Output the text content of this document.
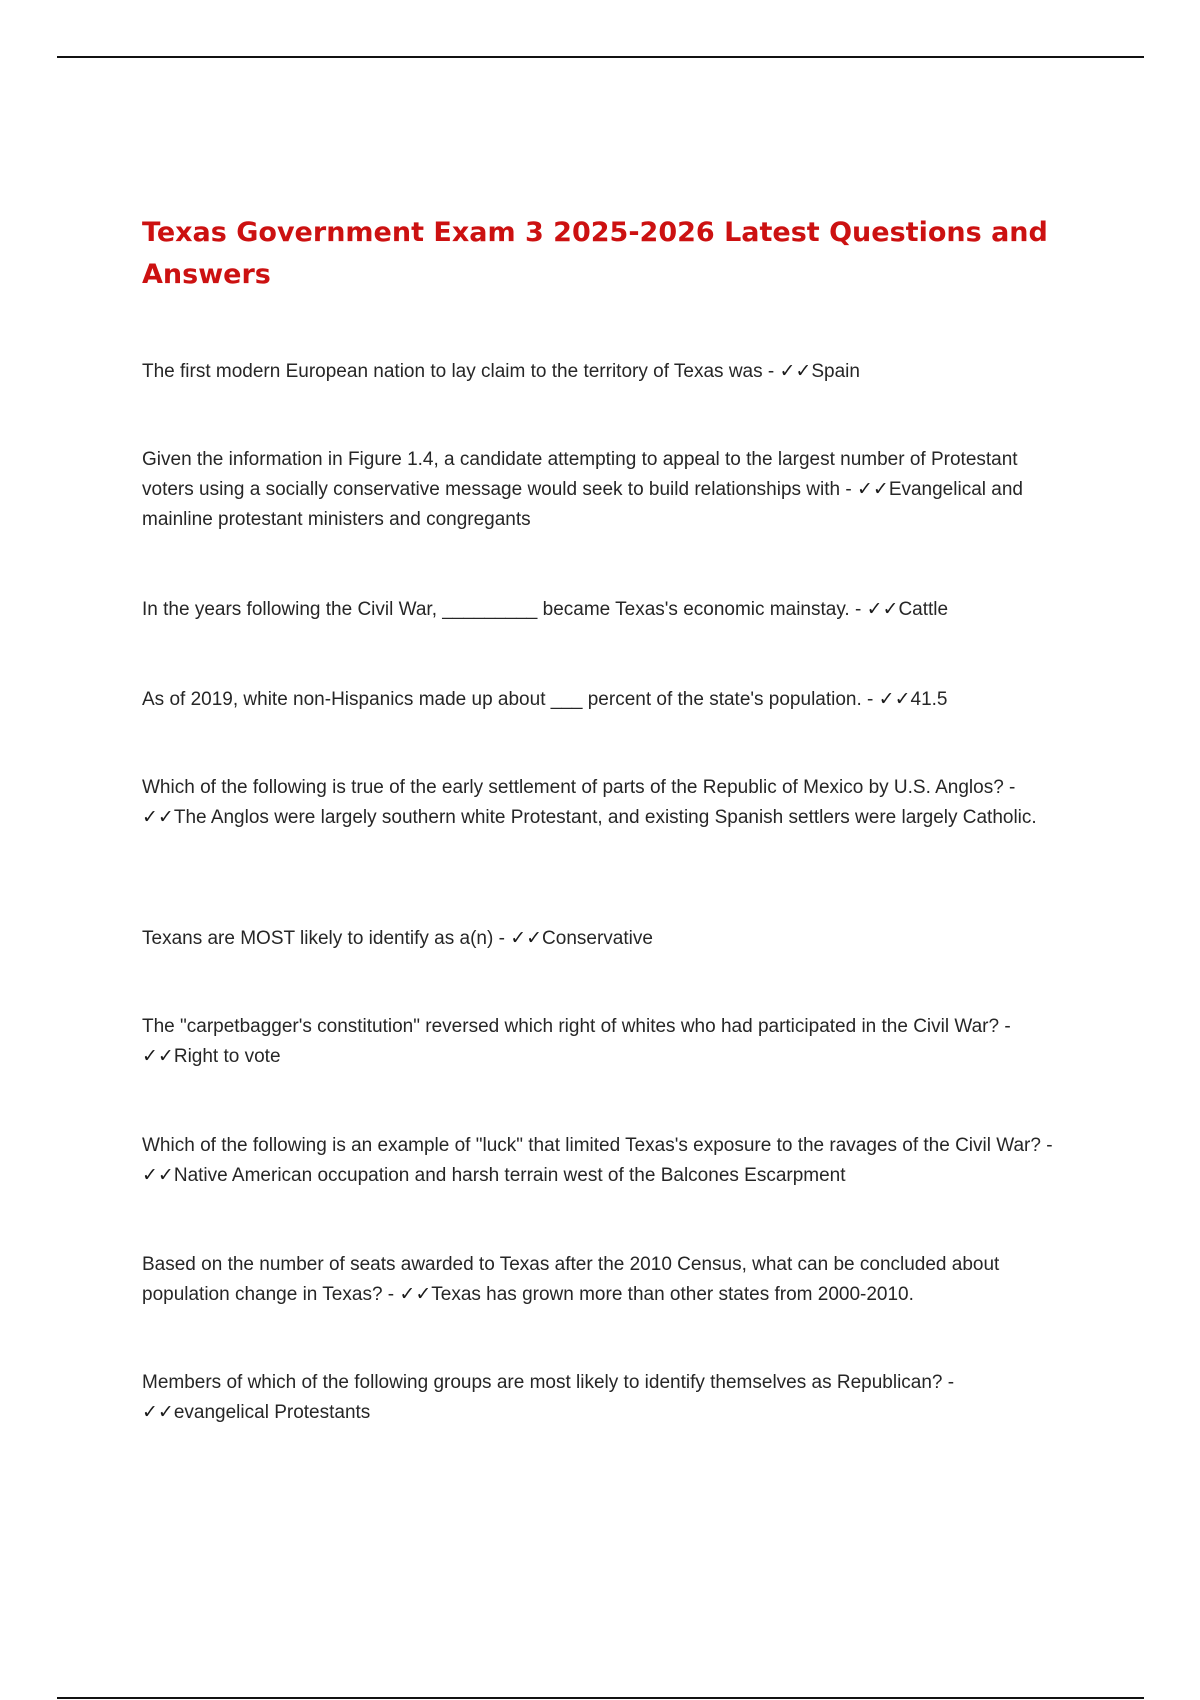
Texas Government Exam 3 2025-2026 Latest Questions and Answers

The first modern European nation to lay claim to the territory of Texas was - ✓✓Spain

Given the information in Figure 1.4, a candidate attempting to appeal to the largest number of Protestant voters using a socially conservative message would seek to build relationships with - ✓✓Evangelical and mainline protestant ministers and congregants

In the years following the Civil War, _________ became Texas's economic mainstay. - ✓✓Cattle

As of 2019, white non-Hispanics made up about ___ percent of the state's population. - ✓✓41.5

Which of the following is true of the early settlement of parts of the Republic of Mexico by U.S. Anglos? - ✓✓The Anglos were largely southern white Protestant, and existing Spanish settlers were largely Catholic.

Texans are MOST likely to identify as a(n) - ✓✓Conservative

The "carpetbagger's constitution" reversed which right of whites who had participated in the Civil War? - ✓✓Right to vote

Which of the following is an example of "luck" that limited Texas's exposure to the ravages of the Civil War? - ✓✓Native American occupation and harsh terrain west of the Balcones Escarpment

Based on the number of seats awarded to Texas after the 2010 Census, what can be concluded about population change in Texas? - ✓✓Texas has grown more than other states from 2000-2010.

Members of which of the following groups are most likely to identify themselves as Republican? - ✓✓evangelical Protestants
